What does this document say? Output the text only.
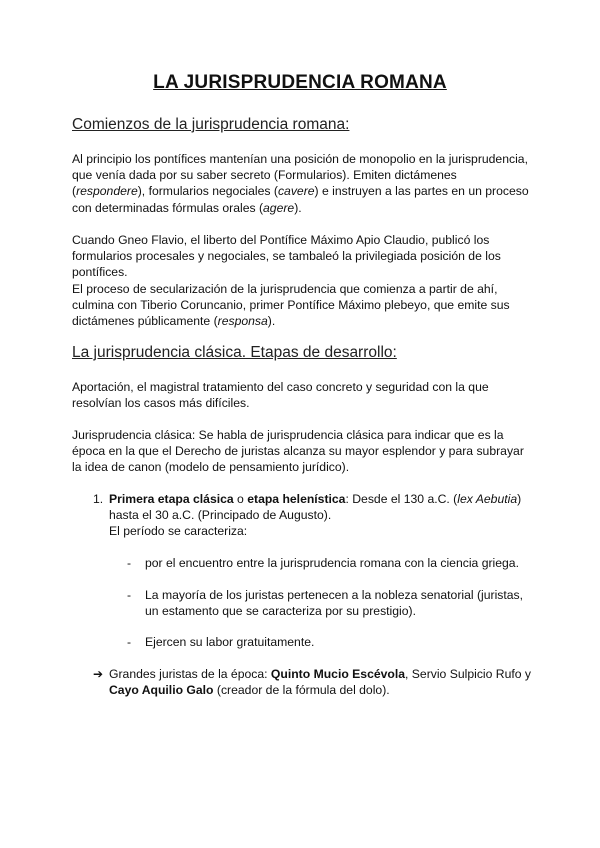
LA JURISPRUDENCIA ROMANA
Comienzos de la jurisprudencia romana:

Al principio los pontífices mantenían una posición de monopolio en la jurisprudencia, que venía dada por su saber secreto (Formularios). Emiten dictámenes (respondere), formularios negociales (cavere) e instruyen a las partes en un proceso con determinadas fórmulas orales (agere).

Cuando Gneo Flavio, el liberto del Pontífice Máximo Apio Claudio, publicó los formularios procesales y negociales, se tambaleó la privilegiada posición de los pontífices.

El proceso de secularización de la jurisprudencia que comienza a partir de ahí, culmina con Tiberio Coruncanio, primer Pontífice Máximo plebeyo, que emite sus dictámenes públicamente (responsa).

La jurisprudencia clásica. Etapas de desarrollo:
Aportación, el magistral tratamiento del caso concreto y seguridad con la que resolvían los casos más difíciles.
Jurisprudencia clásica: Se habla de jurisprudencia clásica para indicar que es la época en la que el Derecho de juristas alcanza su mayor esplendor y para subrayar la idea de canon (modelo de pensamiento jurídico).
1. Primera etapa clásica o etapa helenística: Desde el 130 a.C. (lex Aebutia) hasta el 30 a.C. (Principado de Augusto).
El período se caracteriza:
- por el encuentro entre la jurisprudencia romana con la ciencia griega.
- La mayoría de los juristas pertenecen a la nobleza senatorial (juristas, un estamento que se caracteriza por su prestigio).
- Ejercen su labor gratuitamente.
➔ Grandes juristas de la época: Quinto Mucio Escévola, Servio Sulpicio Rufo y Cayo Aquilio Galo (creador de la fórmula del dolo).
